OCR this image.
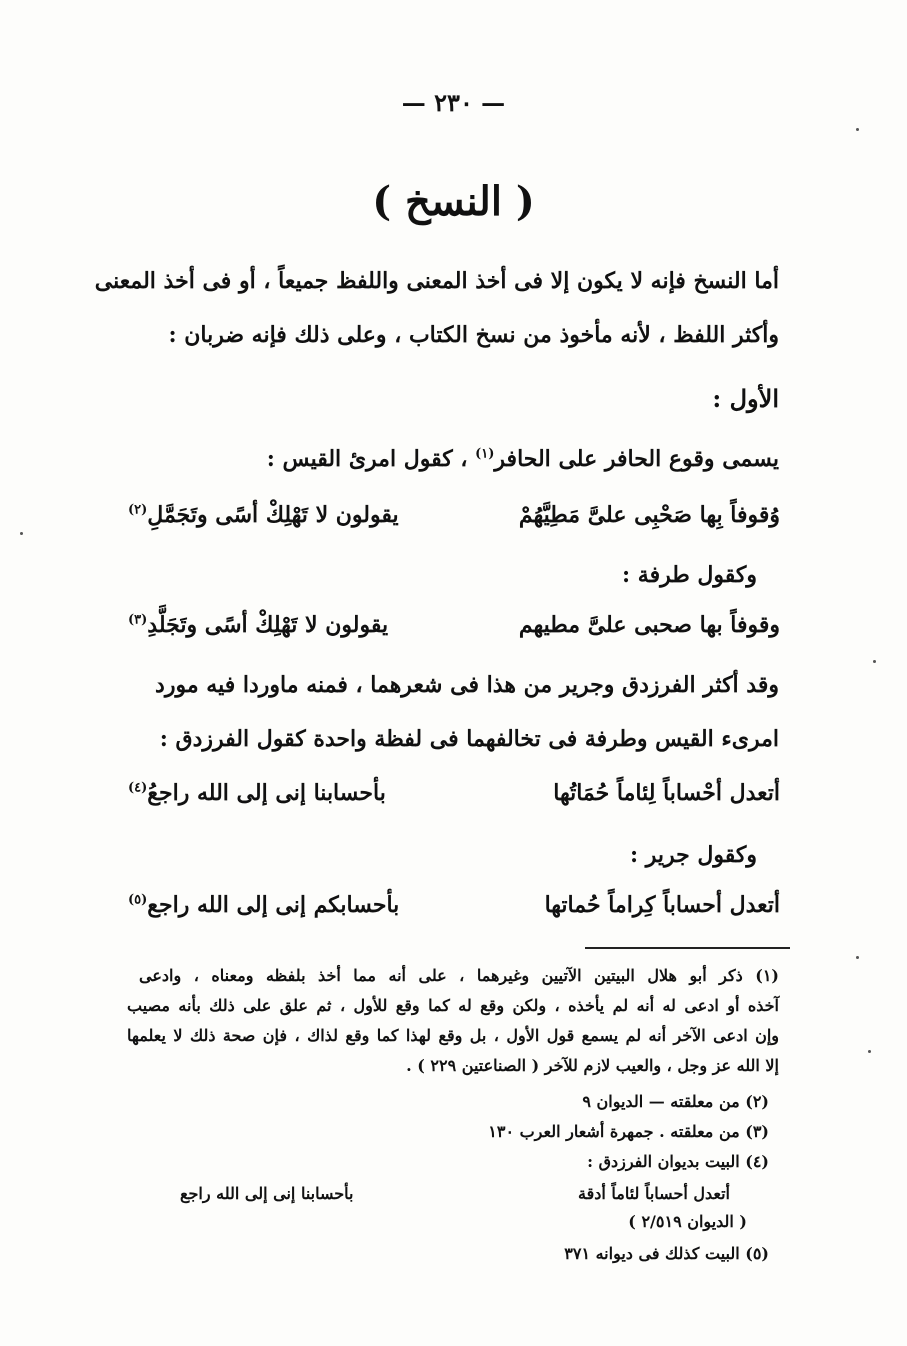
— ٢٣٠ —
( النسخ )
أما النسخ فإنه لا يكون إلا فى أخذ المعنى واللفظ جميعاً ، أو فى أخذ المعنى
وأكثر اللفظ ، لأنه مأخوذ من نسخ الكتاب ، وعلى ذلك فإنه ضربان :
الأول :
يسمى وقوع الحافر على الحافر$^{(١)}$ ، كقول امرئ القيس :
وُقوفاً بِها صَحْبِى علىَّ مَطِيَّهُمْ
يقولون لا تَهْلِكْ أسًى وتَجَمَّلِ$^{(٢)}$
وكقول طرفة :
وقوفاً بها صحبى علىَّ مطيهم
يقولون لا تَهْلِكْ أسًى وتَجَلَّدِ$^{(٣)}$
وقد أكثر الفرزدق وجرير من هذا فى شعرهما ، فمنه ماوردا فيه مورد
امرىء القيس وطرفة فى تخالفهما فى لفظة واحدة كقول الفرزدق :
أتعدل أحْساباً لِئاماً حُمَاتُها
بأحسابنا إنى إلى الله راجعُ$^{(٤)}$
وكقول جرير :
أتعدل أحساباً كِراماً حُماتها
بأحسابكم إنى إلى الله راجع$^{(٥)}$
(١) ذكر أبو هلال البيتين الآتيين وغيرهما ، على أنه مما أخذ بلفظه ومعناه ، وادعى
آخذه أو ادعى له أنه لم يأخذه ، ولكن وقع له كما وقع للأول ، ثم علق على ذلك بأنه مصيب
وإن ادعى الآخر أنه لم يسمع قول الأول ، بل وقع لهذا كما وقع لذاك ، فإن صحة ذلك لا يعلمها
إلا الله عز وجل ، والعيب لازم للآخر ( الصناعتين ٢٢٩ ) .
(٢) من معلقته — الديوان ٩
(٣) من معلقته . جمهرة أشعار العرب ١٣٠
(٤) البيت بديوان الفرزدق :
أتعدل أحساباً لئاماً أدقة
بأحسابنا إنى إلى الله راجع
( الديوان ٢/٥١٩ )
(٥) البيت كذلك فى ديوانه ٣٧١
